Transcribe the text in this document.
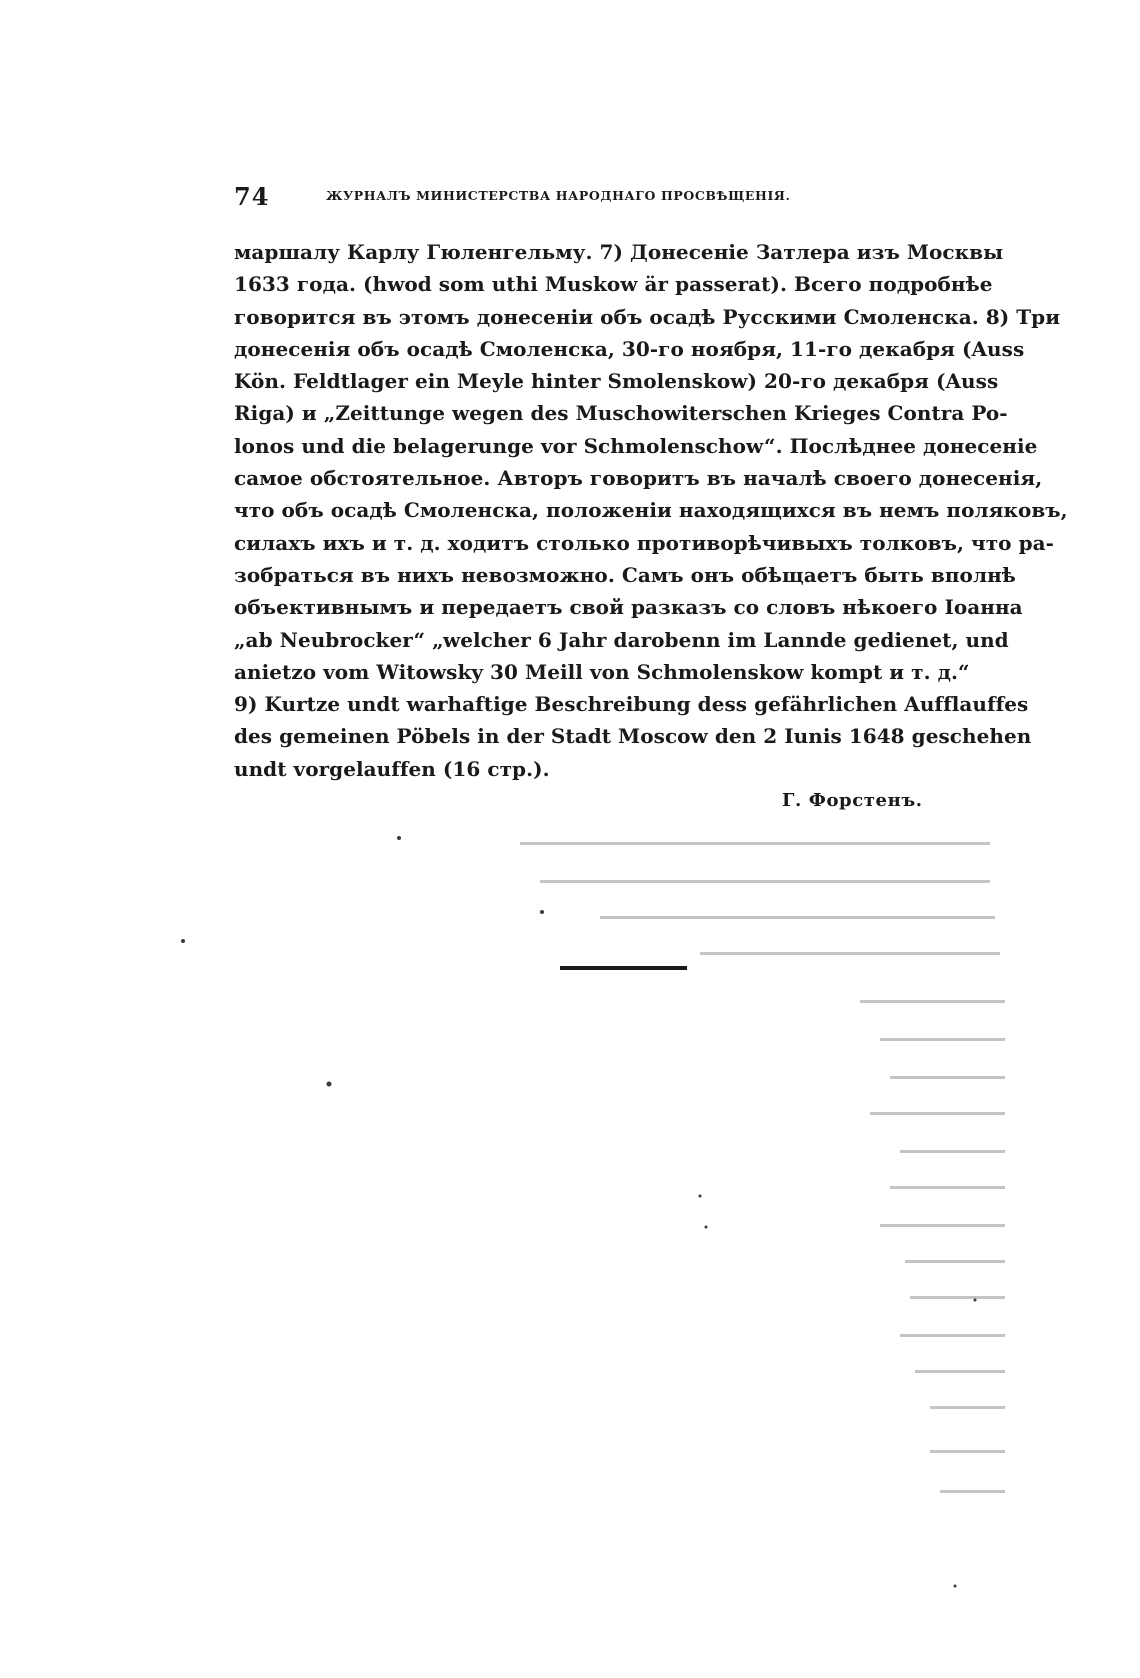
74	ЖУРНАЛЪ МИНИСТЕРСТВА НАРОДНАГО ПРОСВѢЩЕНІЯ.
маршалу Карлу Гюленгельму. 7) Донесеніе Затлера изъ Москвы
1633 года. (hwod som uthi Muskow är passerat). Всего подробнѣе
говорится въ этомъ донесеніи объ осадѣ Русскими Смоленска. 8) Три
донесенія объ осадѣ Смоленска, 30-го ноября, 11-го декабря (Auss
Kön. Feldtlager ein Meyle hinter Smolenskow) 20-го декабря (Auss
Riga) и „Zeittunge wegen des Muschowiterschen Krieges Contra Po-
lonos und die belagerunge vor Schmolenschow“. Послѣднее донесеніе
самое обстоятельное. Авторъ говоритъ въ началѣ своего донесенія,
что объ осадѣ Смоленска, положеніи находящихся въ немъ поляковъ,
силахъ ихъ и т. д. ходитъ столько противорѣчивыхъ толковъ, что ра-
зобраться въ нихъ невозможно. Самъ онъ обѣщаетъ быть вполнѣ
объективнымъ и передаетъ свой разказъ со словъ нѣкоего Іоанна
„ab Neubrocker“ „welcher 6 Jahr darobenn im Lannde gedienet, und
anietzo vom Witowsky 30 Meill von Schmolenskow kompt и т. д.“
9) Kurtze undt warhaftige Beschreibung dess gefährlichen Aufflauffes
des gemeinen Pöbels in der Stadt Moscow den 2 Iunis 1648 geschehen
undt vorgelauffen (16 стр.).
Г. Форстенъ.
